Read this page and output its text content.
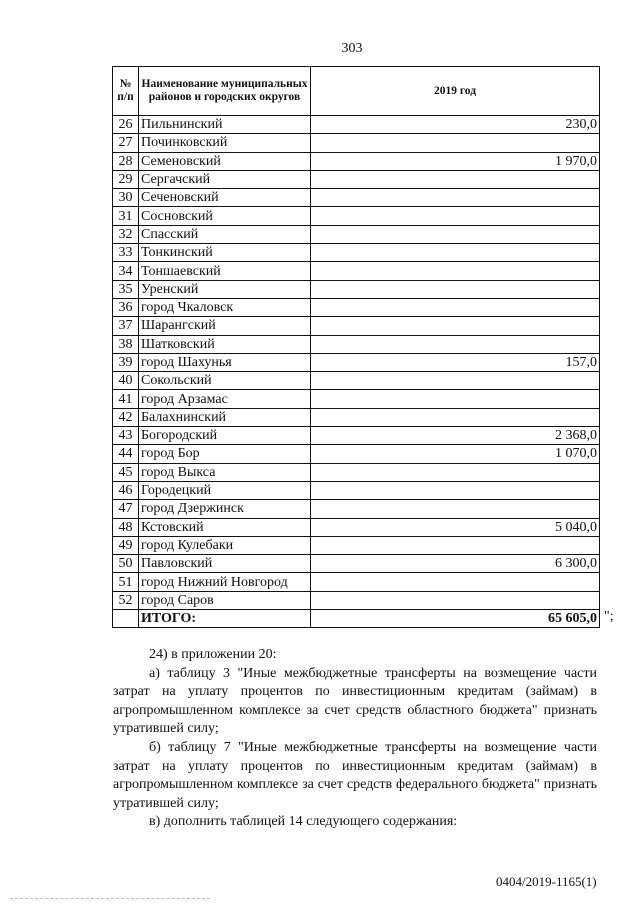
303
№ п/п	Наименование муниципальных районов и городских округов	2019 год
26	Пильнинский	230,0
27	Починковский	
28	Семеновский	1 970,0
29	Сергачский	
30	Сеченовский	
31	Сосновский	
32	Спасский	
33	Тонкинский	
34	Тоншаевский	
35	Уренский	
36	город Чкаловск	
37	Шарангский	
38	Шатковский	
39	город Шахунья	157,0
40	Сокольский	
41	город Арзамас	
42	Балахнинский	
43	Богородский	2 368,0
44	город Бор	1 070,0
45	город Выкса	
46	Городецкий	
47	город Дзержинск	
48	Кстовский	5 040,0
49	город Кулебаки	
50	Павловский	6 300,0
51	город Нижний Новгород	
52	город Саров	
	ИТОГО:	65 605,0 ";

24) в приложении 20:

а) таблицу 3 "Иные межбюджетные трансферты на возмещение части затрат на уплату процентов по инвестиционным кредитам (займам) в агропромышленном комплексе за счет средств областного бюджета" признать утратившей силу;

б) таблицу 7 "Иные межбюджетные трансферты на возмещение части затрат на уплату процентов по инвестиционным кредитам (займам) в агропромышленном комплексе за счет средств федерального бюджета" признать утратившей силу;

в) дополнить таблицей 14 следующего содержания:

0404/2019-1165(1)
